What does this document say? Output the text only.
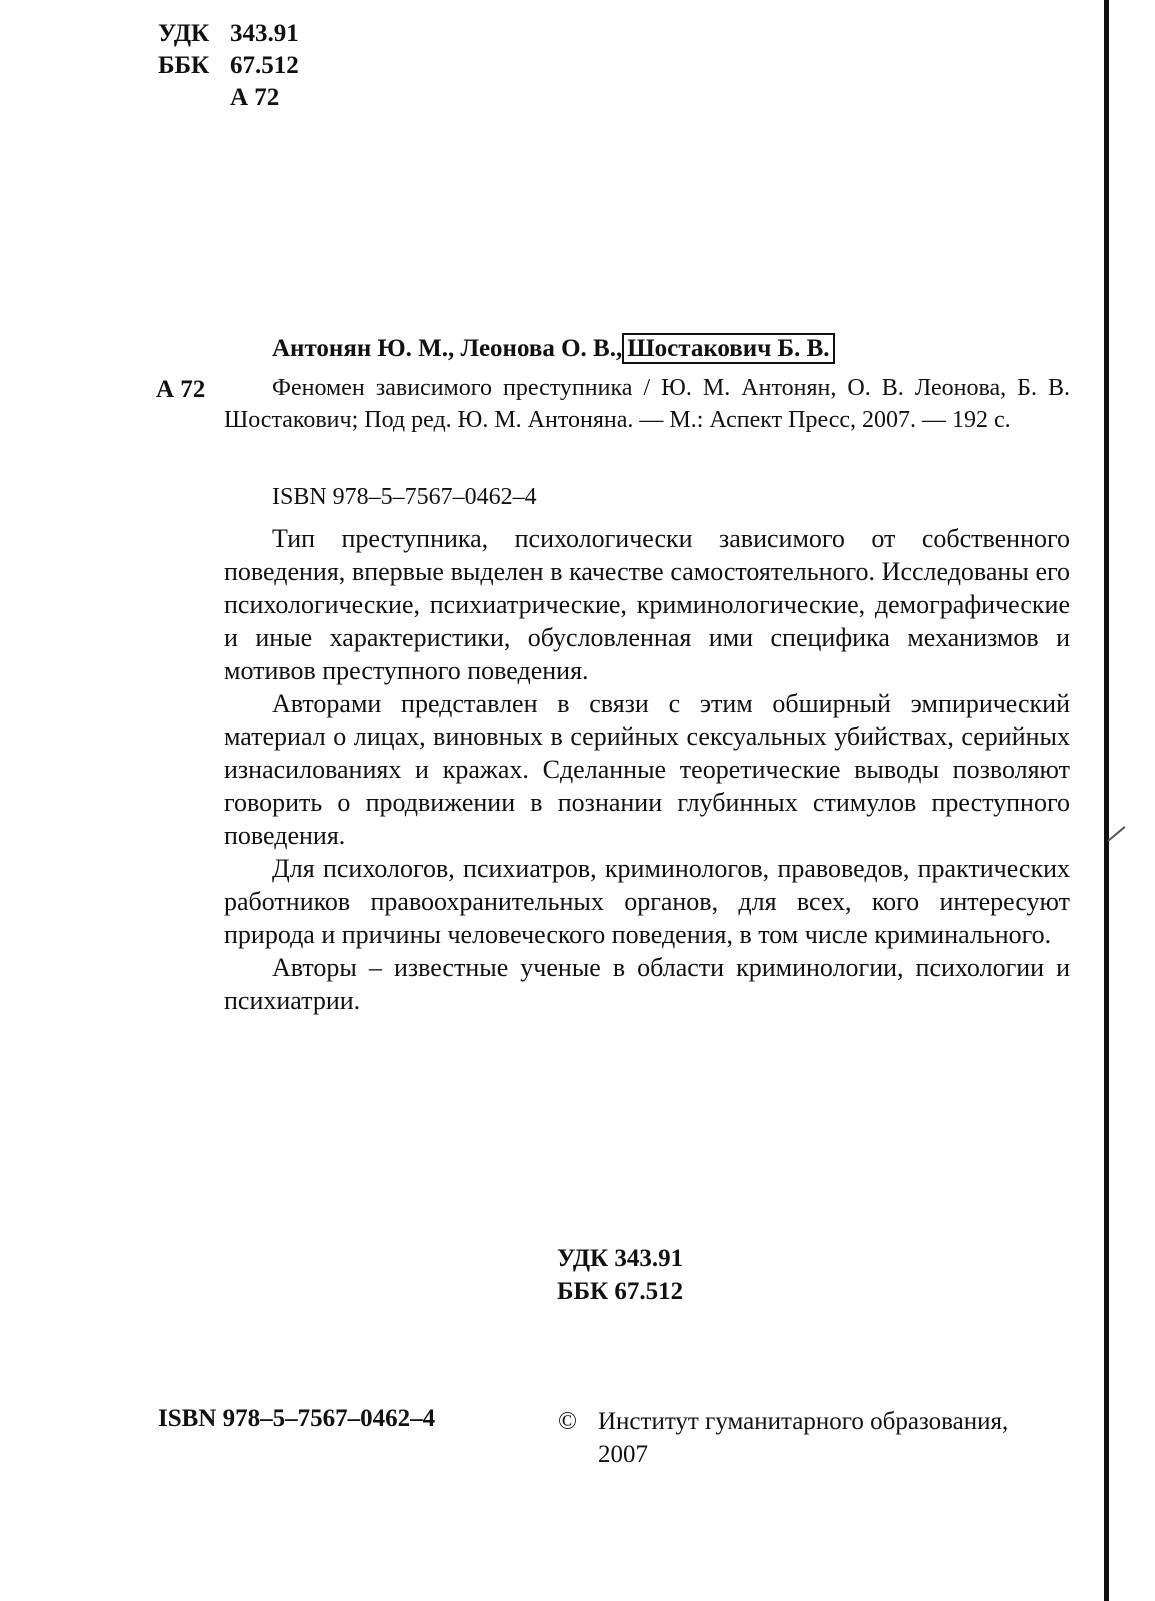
УДК 343.91
ББК 67.512
А 72
Антонян Ю. М., Леонова О. В., Шостакович Б. В.
А 72	Феномен зависимого преступника / Ю. М. Антонян, О. В. Леонова, Б. В. Шостакович; Под ред. Ю. М. Антоняна. — М.: Аспект Пресс, 2007. — 192 с.
ISBN 978–5–7567–0462–4

Тип преступника, психологически зависимого от собственного поведения, впервые выделен в качестве самостоятельного. Исследованы его психологические, психиатрические, криминологические, демографические и иные характеристики, обусловленная ими специфика механизмов и мотивов преступного поведения.

Авторами представлен в связи с этим обширный эмпирический материал о лицах, виновных в серийных сексуальных убийствах, серийных изнасилованиях и кражах. Сделанные теоретические выводы позволяют говорить о продвижении в познании глубинных стимулов преступного поведения.

Для психологов, психиатров, криминологов, правоведов, практических работников правоохранительных органов, для всех, кого интересуют природа и причины человеческого поведения, в том числе криминального.

Авторы – известные ученые в области криминологии, психологии и психиатрии.

УДК 343.91
ББК 67.512
ISBN 978–5–7567–0462–4	© Институт гуманитарного образования,
2007
